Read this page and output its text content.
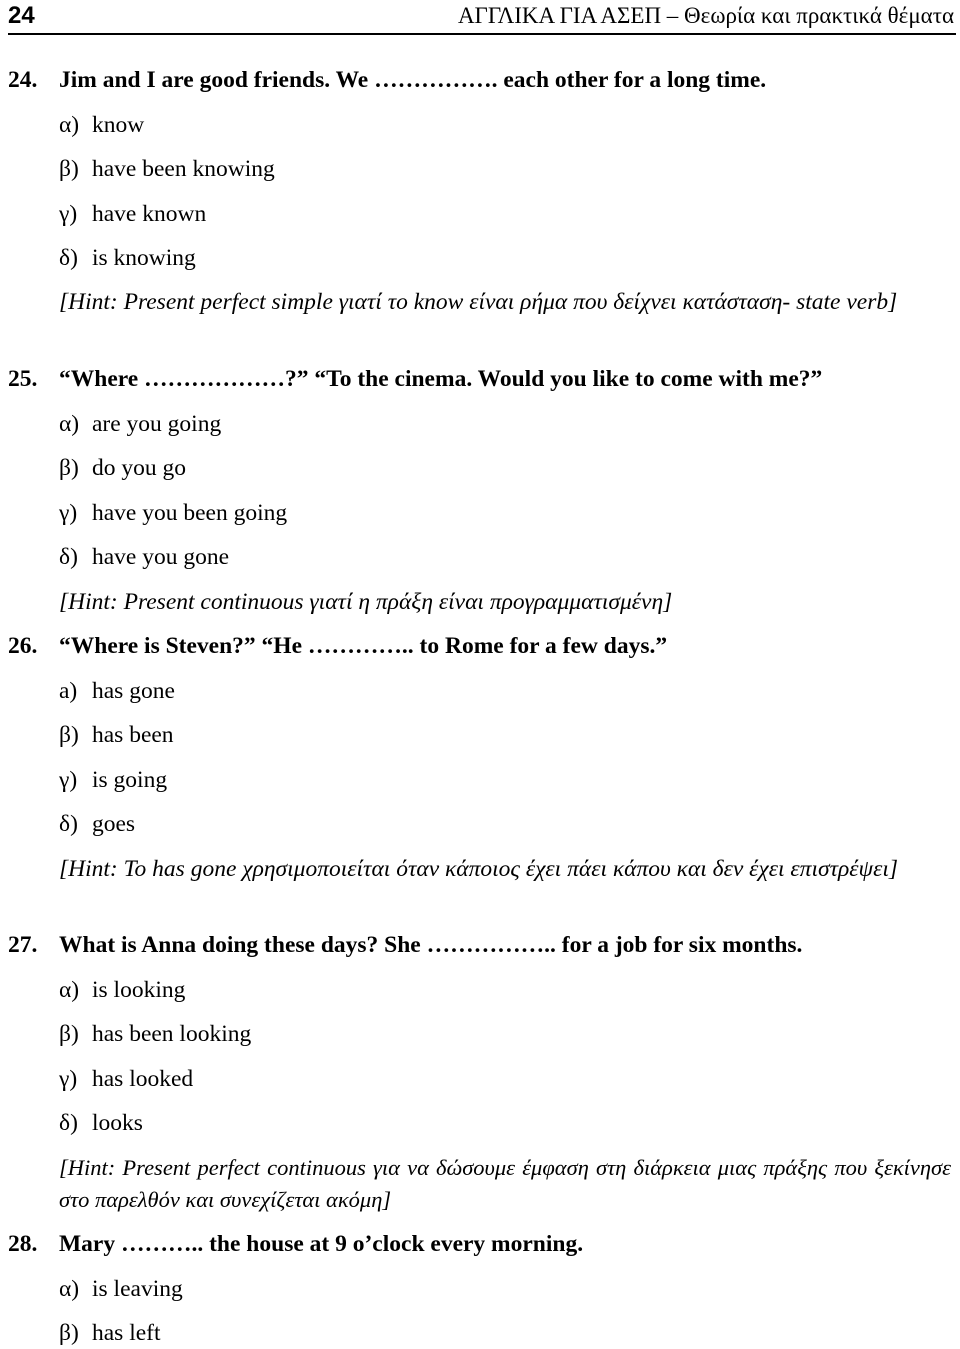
24	ΑΓΓΛΙΚΑ ΓΙΑ ΑΣΕΠ – Θεωρία και πρακτικά θέματα
24. Jim and I are good friends. We ……………. each other for a long time.
α) know
β) have been knowing
γ) have known
δ) is knowing
[Hint: Present perfect simple γιατί το know είναι ρήμα που δείχνει κατάσταση- state verb]
25. “Where ………………?” “To the cinema. Would you like to come with me?”
α) are you going
β) do you go
γ) have you been going
δ) have you gone
[Hint: Present continuous γιατί η πράξη είναι προγραμματισμένη]
26. “Where is Steven?” “He ………….. to Rome for a few days.”
a) has gone
β) has been
γ) is going
δ) goes
[Hint: Το has gone χρησιμοποιείται όταν κάποιος έχει πάει κάπου και δεν έχει επιστρέψει]
27. What is Anna doing these days? She …………….. for a job for six months.
α) is looking
β) has been looking
γ) has looked
δ) looks
[Hint: Present perfect continuous για να δώσουμε έμφαση στη διάρκεια μιας πράξης που ξεκίνησε στο παρελθόν και συνεχίζεται ακόμη]
28. Mary ……….. the house at 9 o’clock every morning.
α) is leaving
β) has left
